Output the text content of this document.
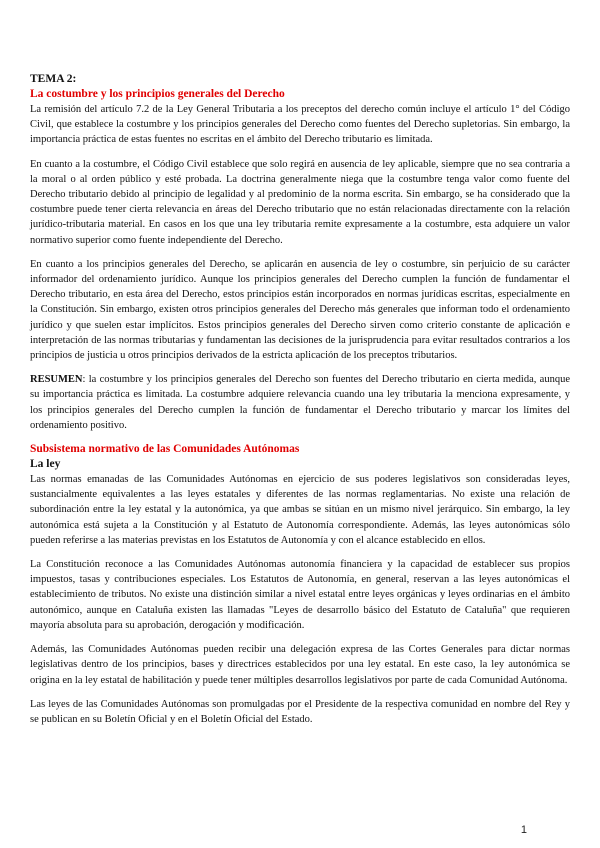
TEMA 2:
La costumbre y los principios generales del Derecho

La remisión del artículo 7.2 de la Ley General Tributaria a los preceptos del derecho común incluye el artículo 1° del Código Civil, que establece la costumbre y los principios generales del Derecho como fuentes del Derecho supletorias. Sin embargo, la importancia práctica de estas fuentes no escritas en el ámbito del Derecho tributario es limitada.

En cuanto a la costumbre, el Código Civil establece que solo regirá en ausencia de ley aplicable, siempre que no sea contraria a la moral o al orden público y esté probada. La doctrina generalmente niega que la costumbre tenga valor como fuente del Derecho tributario debido al principio de legalidad y al predominio de la norma escrita. Sin embargo, se ha considerado que la costumbre puede tener cierta relevancia en áreas del Derecho tributario que no están relacionadas directamente con la relación jurídico-tributaria material. En casos en los que una ley tributaria remite expresamente a la costumbre, esta adquiere un valor normativo superior como fuente independiente del Derecho.

En cuanto a los principios generales del Derecho, se aplicarán en ausencia de ley o costumbre, sin perjuicio de su carácter informador del ordenamiento jurídico. Aunque los principios generales del Derecho cumplen la función de fundamentar el Derecho tributario, en esta área del Derecho, estos principios están incorporados en normas jurídicas escritas, especialmente en la Constitución. Sin embargo, existen otros principios generales del Derecho más generales que informan todo el ordenamiento jurídico y que suelen estar implícitos. Estos principios generales del Derecho sirven como criterio constante de aplicación e interpretación de las normas tributarias y fundamentan las decisiones de la jurisprudencia para evitar resultados contrarios a los principios de justicia u otros principios derivados de la estricta aplicación de los preceptos tributarios.

RESUMEN: la costumbre y los principios generales del Derecho son fuentes del Derecho tributario en cierta medida, aunque su importancia práctica es limitada. La costumbre adquiere relevancia cuando una ley tributaria la menciona expresamente, y los principios generales del Derecho cumplen la función de fundamentar el Derecho tributario y marcar los límites del ordenamiento positivo.

Subsistema normativo de las Comunidades Autónomas
La ley

Las normas emanadas de las Comunidades Autónomas en ejercicio de sus poderes legislativos son consideradas leyes, sustancialmente equivalentes a las leyes estatales y diferentes de las normas reglamentarias. No existe una relación de subordinación entre la ley estatal y la autonómica, ya que ambas se sitúan en un mismo nivel jerárquico. Sin embargo, la ley autonómica está sujeta a la Constitución y al Estatuto de Autonomía correspondiente. Además, las leyes autonómicas sólo pueden referirse a las materias previstas en los Estatutos de Autonomía y con el alcance establecido en ellos.

La Constitución reconoce a las Comunidades Autónomas autonomía financiera y la capacidad de establecer sus propios impuestos, tasas y contribuciones especiales. Los Estatutos de Autonomía, en general, reservan a las leyes autonómicas el establecimiento de tributos. No existe una distinción similar a nivel estatal entre leyes orgánicas y leyes ordinarias en el ámbito autonómico, aunque en Cataluña existen las llamadas "Leyes de desarrollo básico del Estatuto de Cataluña" que requieren mayoría absoluta para su aprobación, derogación y modificación.

Además, las Comunidades Autónomas pueden recibir una delegación expresa de las Cortes Generales para dictar normas legislativas dentro de los principios, bases y directrices establecidos por una ley estatal. En este caso, la ley autonómica se origina en la ley estatal de habilitación y puede tener múltiples desarrollos legislativos por parte de cada Comunidad Autónoma.

Las leyes de las Comunidades Autónomas son promulgadas por el Presidente de la respectiva comunidad en nombre del Rey y se publican en su Boletín Oficial y en el Boletín Oficial del Estado.

1
